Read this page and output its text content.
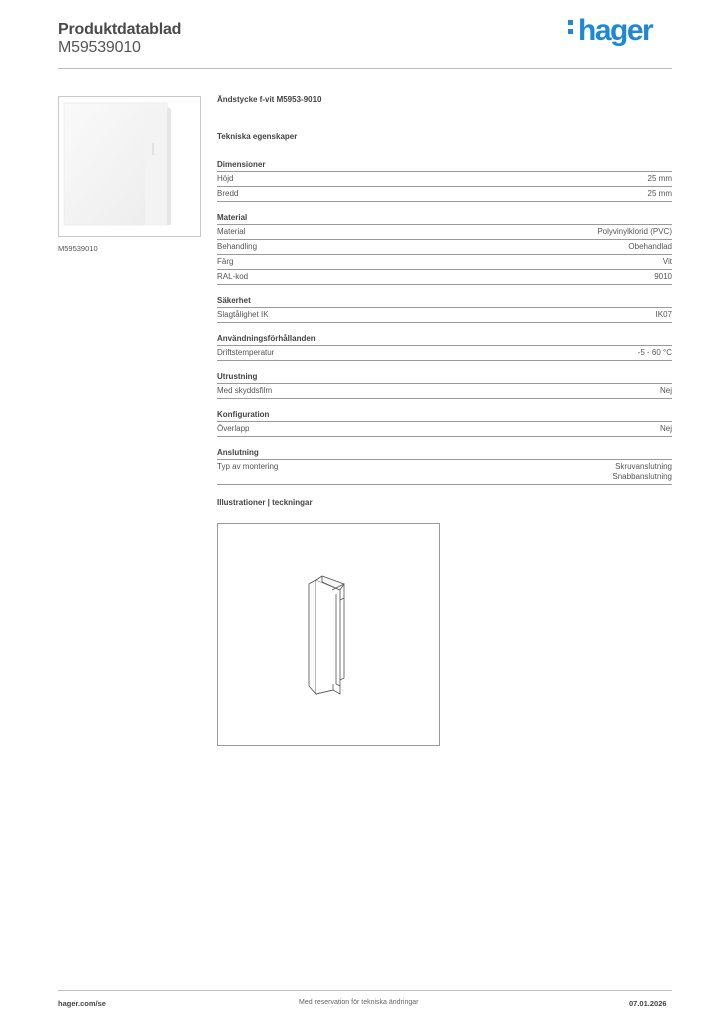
Produktdatablad
M59539010
hager
M59539010
Ändstycke f-vit M5953-9010
Tekniska egenskaper
Dimensioner
Höjd	25 mm
Bredd	25 mm
Material
Material	Polyvinylklorid (PVC)
Behandling	Obehandlad
Färg	Vit
RAL-kod	9010
Säkerhet
Slagtålighet IK	IK07
Användningsförhållanden
Driftstemperatur	-5 - 60 °C
Utrustning
Med skyddsfilm	Nej
Konfiguration
Överlapp	Nej
Anslutning
Typ av montering	Skruvanslutning
Snabbanslutning
Illustrationer | teckningar
hager.com/se	Med reservation för tekniska ändringar	07.01.2026
